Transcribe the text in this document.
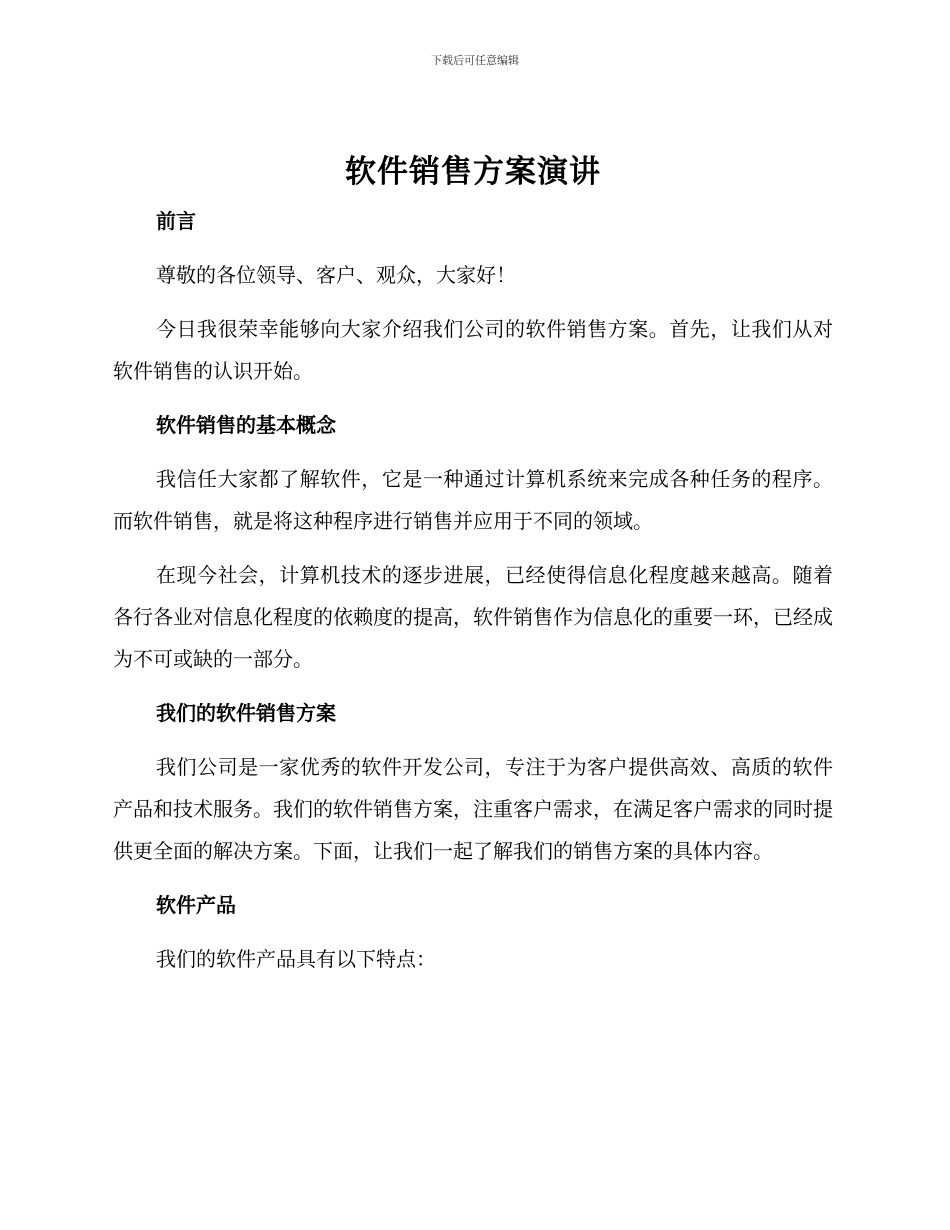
下载后可任意编辑
软件销售方案演讲
前言

尊敬的各位领导、客户、观众，大家好！

今日我很荣幸能够向大家介绍我们公司的软件销售方案。首先，让我们从对软件销售的认识开始。

软件销售的基本概念

我信任大家都了解软件，它是一种通过计算机系统来完成各种任务的程序。而软件销售，就是将这种程序进行销售并应用于不同的领域。

在现今社会，计算机技术的逐步进展，已经使得信息化程度越来越高。随着各行各业对信息化程度的依赖度的提高，软件销售作为信息化的重要一环，已经成为不可或缺的一部分。

我们的软件销售方案

我们公司是一家优秀的软件开发公司，专注于为客户提供高效、高质的软件产品和技术服务。我们的软件销售方案，注重客户需求，在满足客户需求的同时提供更全面的解决方案。下面，让我们一起了解我们的销售方案的具体内容。

软件产品

我们的软件产品具有以下特点：
